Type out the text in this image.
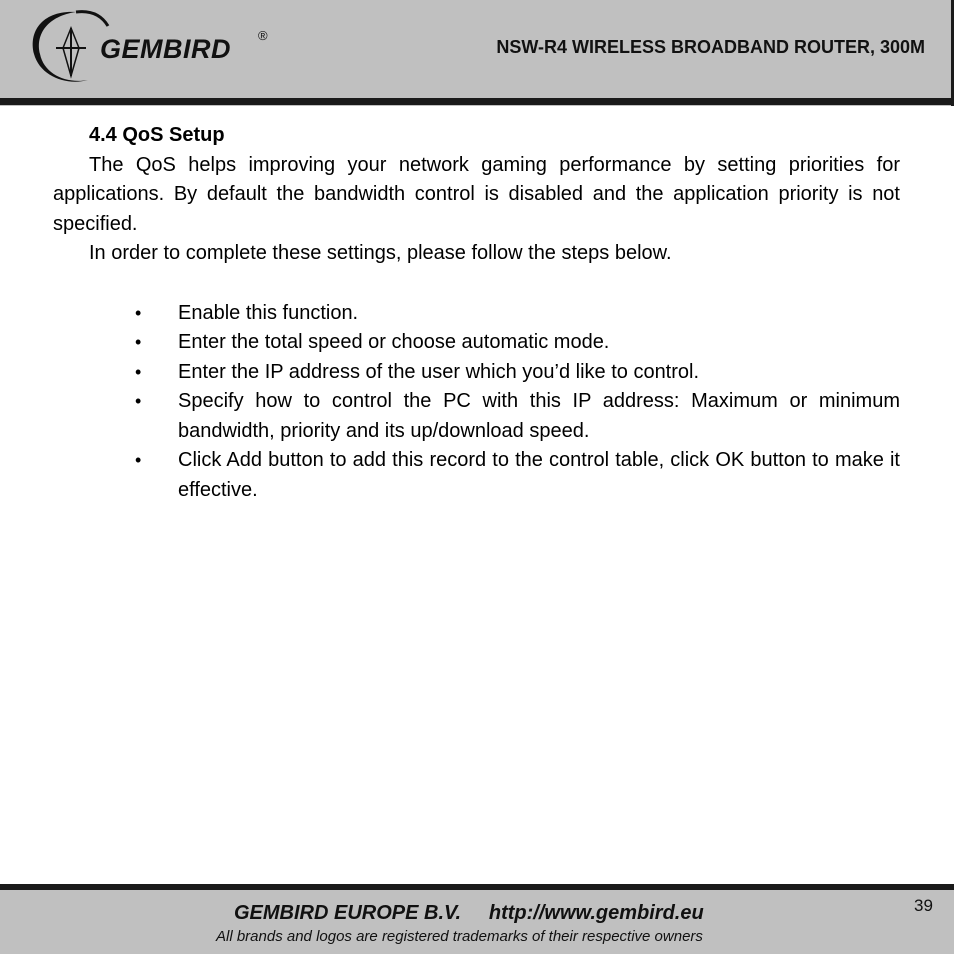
GEMBIRD ®
NSW-R4 WIRELESS BROADBAND ROUTER, 300M
4.4 QoS Setup

The QoS helps improving your network gaming performance by setting priorities for applications. By default the bandwidth control is disabled and the application priority is not specified.

In order to complete these settings, please follow the steps below.

• Enable this function.
• Enter the total speed or choose automatic mode.
• Enter the IP address of the user which you’d like to control.
• Specify how to control the PC with this IP address: Maximum or minimum bandwidth, priority and its up/download speed.
• Click Add button to add this record to the control table, click OK button to make it effective.
GEMBIRD EUROPE B.V. http://www.gembird.eu
All brands and logos are registered trademarks of their respective owners
39
